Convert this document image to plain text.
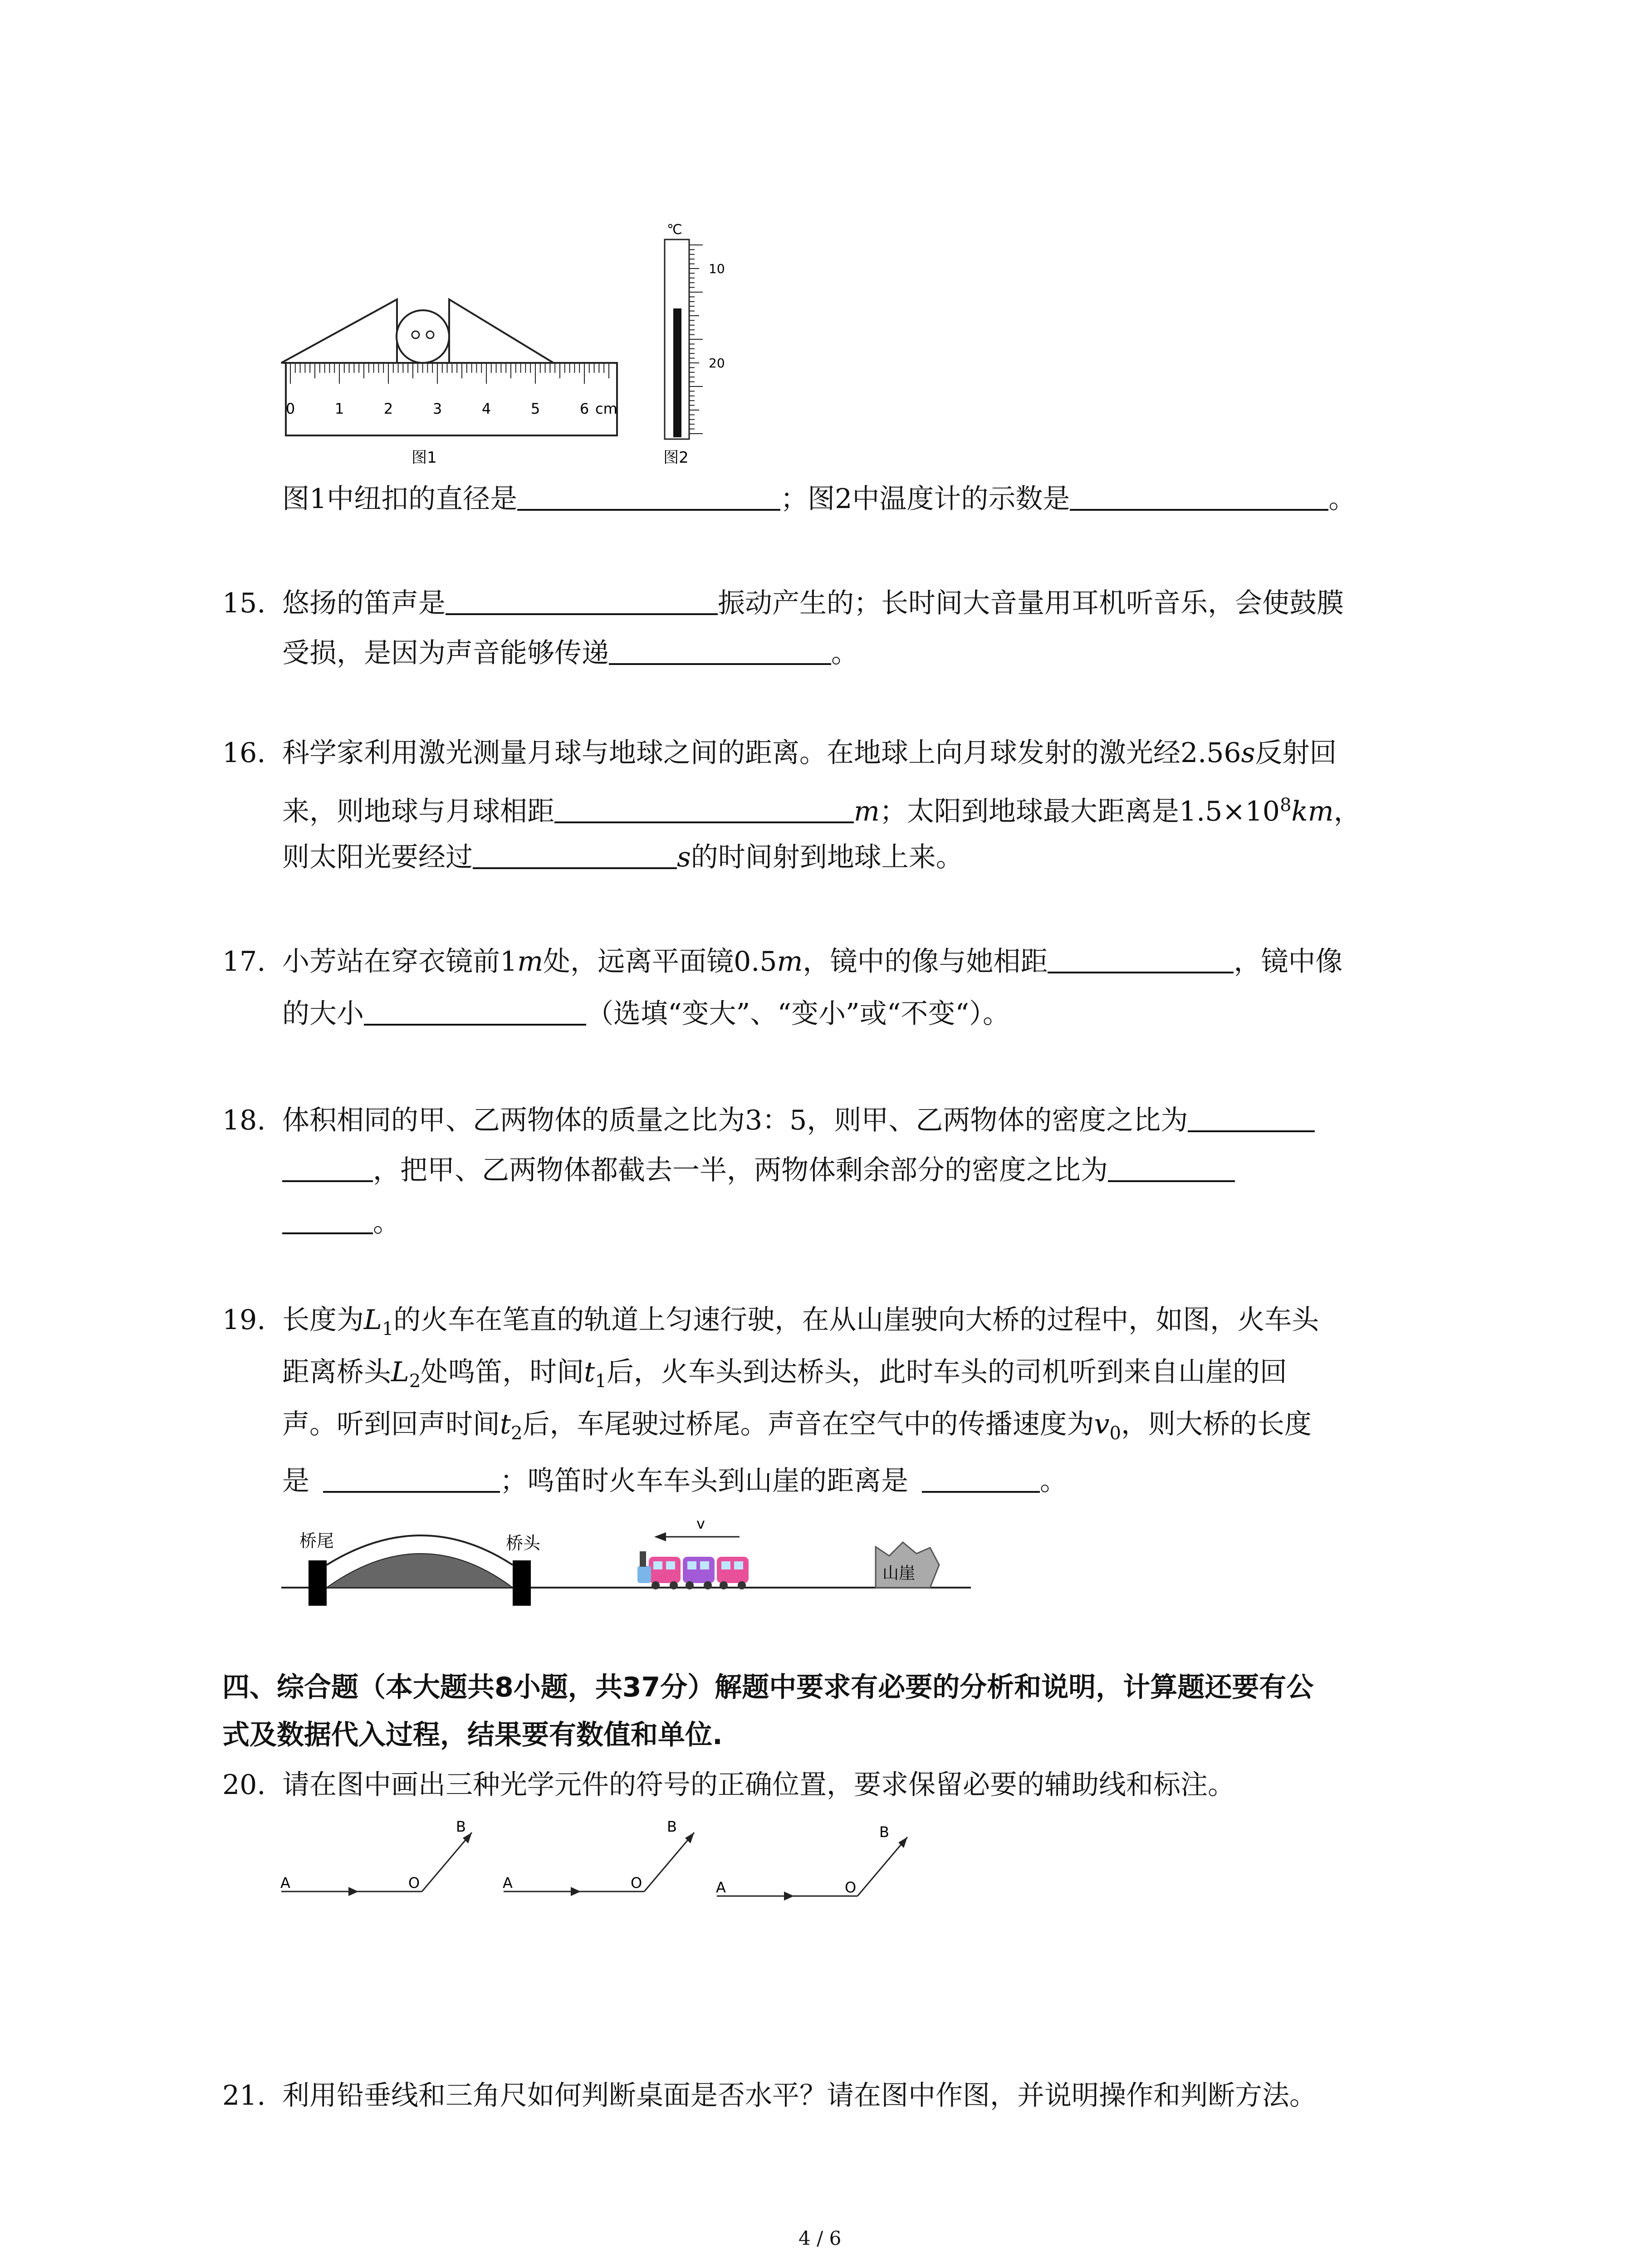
0	1	2	3	4	5	6 cm
图1
℃
10
20
图2
图1中纽扣的直径是	；图2中温度计的示数是	。
15. 悠扬的笛声是	振动产生的；长时间大音量用耳机听音乐，会使鼓膜
受损，是因为声音能够传递	。
16. 科学家利用激光测量月球与地球之间的距离。在地球上向月球发射的激光经2.56s反射回
来，则地球与月球相距	m；太阳到地球最大距离是$1.5\times 10^8km$，
则太阳光要经过	s的时间射到地球上来。
17. 小芳站在穿衣镜前1m处，远离平面镜0.5m，镜中的像与她相距	，镜中像
的大小	（选填“变大”、“变小”或“不变“）。
18. 体积相同的甲、乙两物体的质量之比为3：5，则甲、乙两物体的密度之比为
，把甲、乙两物体都截去一半，两物体剩余部分的密度之比为
。
19. 长度为$L_1$的火车在笔直的轨道上匀速行驶，在从山崖驶向大桥的过程中，如图，火车头
距离桥头$L_2$处鸣笛，时间$t_1$后，火车头到达桥头，此时车头的司机听到来自山崖的回
声。听到回声时间$t_2$后，车尾驶过桥尾。声音在空气中的传播速度为$v_0$，则大桥的长度
是	；鸣笛时火车车头到山崖的距离是	。
桥尾	桥头
v
山崖
四、综合题（本大题共8小题，共37分）解题中要求有必要的分析和说明，计算题还要有公
式及数据代入过程，结果要有数值和单位.
20. 请在图中画出三种光学元件的符号的正确位置，要求保留必要的辅助线和标注。
A	O
B
A	O
B
A	O
B
21. 利用铅垂线和三角尺如何判断桌面是否水平？请在图中作图，并说明操作和判断方法。
4 / 6
